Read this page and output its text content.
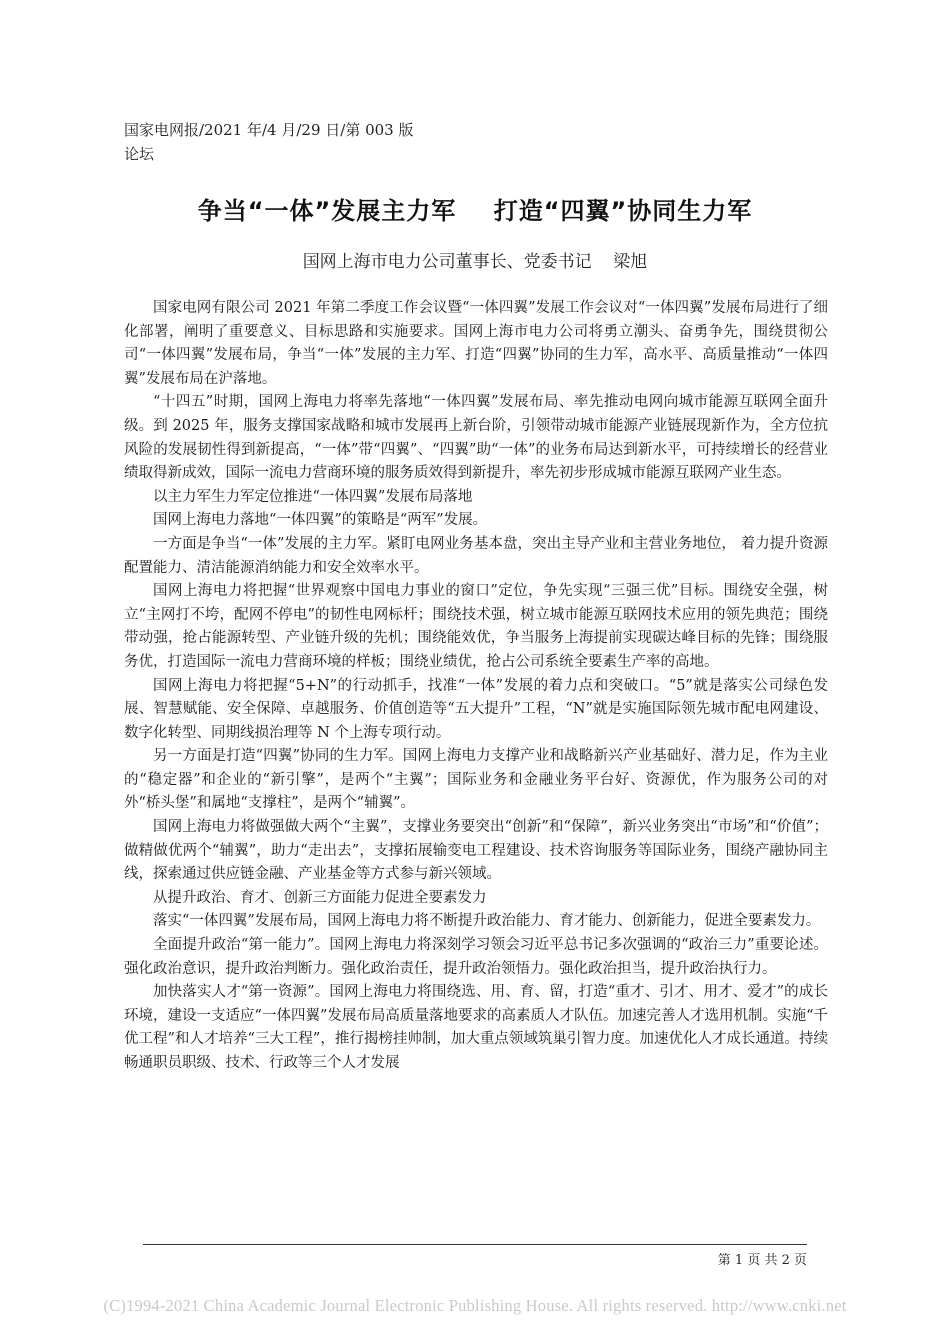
国家电网报/2021 年/4 月/29 日/第 003 版
论坛
争当“一体”发展主力军    打造“四翼”协同生力军
国网上海市电力公司董事长、党委书记    梁旭

国家电网有限公司 2021 年第二季度工作会议暨“一体四翼”发展工作会议对“一体四翼”发展布局进行了细化部署，阐明了重要意义、目标思路和实施要求。国网上海市电力公司将勇立潮头、奋勇争先，围绕贯彻公司“一体四翼”发展布局，争当“一体”发展的主力军、打造“四翼”协同的生力军，高水平、高质量推动“一体四翼”发展布局在沪落地。

“十四五”时期，国网上海电力将率先落地“一体四翼”发展布局、率先推动电网向城市能源互联网全面升级。到 2025 年，服务支撑国家战略和城市发展再上新台阶，引领带动城市能源产业链展现新作为，全方位抗风险的发展韧性得到新提高，“一体”带“四翼”、“四翼”助“一体”的业务布局达到新水平，可持续增长的经营业绩取得新成效，国际一流电力营商环境的服务质效得到新提升，率先初步形成城市能源互联网产业生态。

以主力军生力军定位推进“一体四翼”发展布局落地

国网上海电力落地“一体四翼”的策略是“两军”发展。

一方面是争当“一体”发展的主力军。紧盯电网业务基本盘，突出主导产业和主营业务地位， 着力提升资源配置能力、清洁能源消纳能力和安全效率水平。

国网上海电力将把握“世界观察中国电力事业的窗口”定位，争先实现“三强三优”目标。围绕安全强，树立“主网打不垮，配网不停电”的韧性电网标杆；围绕技术强，树立城市能源互联网技术应用的领先典范；围绕带动强，抢占能源转型、产业链升级的先机；围绕能效优，争当服务上海提前实现碳达峰目标的先锋；围绕服务优，打造国际一流电力营商环境的样板；围绕业绩优，抢占公司系统全要素生产率的高地。

国网上海电力将把握“5+N”的行动抓手，找准“一体”发展的着力点和突破口。“5”就是落实公司绿色发展、智慧赋能、安全保障、卓越服务、价值创造等“五大提升”工程，“N”就是实施国际领先城市配电网建设、数字化转型、同期线损治理等 N 个上海专项行动。

另一方面是打造“四翼”协同的生力军。国网上海电力支撑产业和战略新兴产业基础好、潜力足，作为主业的“稳定器”和企业的“新引擎”，是两个“主翼”；国际业务和金融业务平台好、资源优，作为服务公司的对外“桥头堡”和属地“支撑柱”，是两个“辅翼”。

国网上海电力将做强做大两个“主翼”，支撑业务要突出“创新”和“保障”，新兴业务突出“市场”和“价值”；做精做优两个“辅翼”，助力“走出去”，支撑拓展输变电工程建设、技术咨询服务等国际业务，围绕产融协同主线，探索通过供应链金融、产业基金等方式参与新兴领域。

从提升政治、育才、创新三方面能力促进全要素发力

落实“一体四翼”发展布局，国网上海电力将不断提升政治能力、育才能力、创新能力，促进全要素发力。

全面提升政治“第一能力”。国网上海电力将深刻学习领会习近平总书记多次强调的“政治三力”重要论述。强化政治意识，提升政治判断力。强化政治责任，提升政治领悟力。强化政治担当，提升政治执行力。

加快落实人才“第一资源”。国网上海电力将围绕选、用、育、留，打造“重才、引才、用才、爱才”的成长环境，建设一支适应“一体四翼”发展布局高质量落地要求的高素质人才队伍。加速完善人才选用机制。实施“千优工程”和人才培养“三大工程”，推行揭榜挂帅制，加大重点领域筑巢引智力度。加速优化人才成长通道。持续畅通职员职级、技术、行政等三个人才发展

第 1 页 共 2 页
(C)1994-2021 China Academic Journal Electronic Publishing House. All rights reserved. http://www.cnki.net
